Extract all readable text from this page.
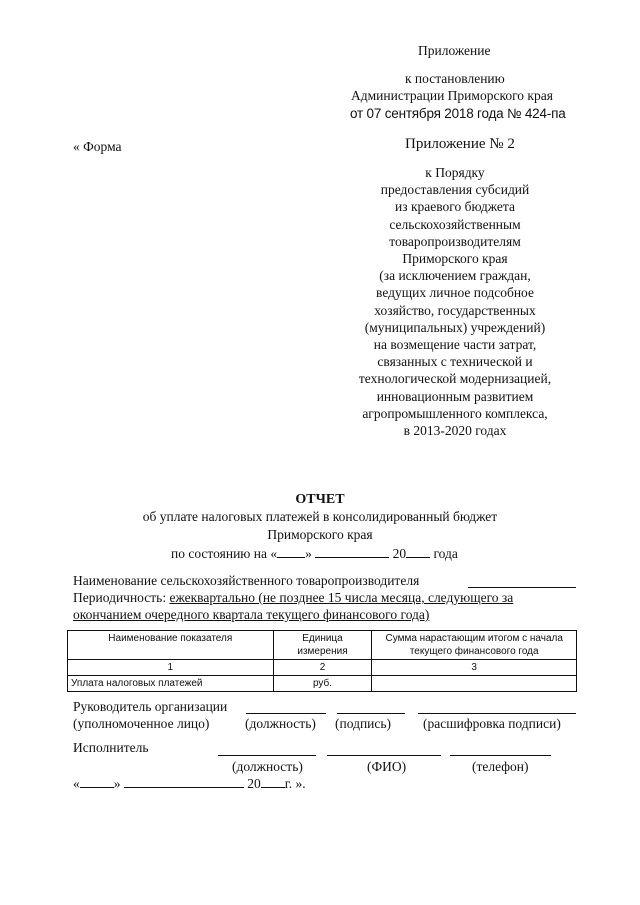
Приложение
к постановлению
Администрации Приморского края
от 07 сентября 2018 года № 424-па
« Форма	Приложение № 2
к Порядку
предоставления субсидий
из краевого бюджета
сельскохозяйственным
товаропроизводителям
Приморского края
(за исключением граждан,
ведущих личное подсобное
хозяйство, государственных
(муниципальных) учреждений)
на возмещение части затрат,
связанных с технической и
технологической модернизацией,
инновационным развитием
агропромышленного комплекса,
в 2013-2020 годах
ОТЧЕТ
об уплате налоговых платежей в консолидированный бюджет
Приморского края
по состоянию на « »	20 года
Наименование сельскохозяйственного товаропроизводителя
Периодичность: ежеквартально (не позднее 15 числа месяца, следующего за
окончанием очередного квартала текущего финансового года)
Наименование показателя	Единица измерения	Сумма нарастающим итогом с начала текущего финансового года
1	2	3
Уплата налоговых платежей	руб.	
Руководитель организации
(уполномоченное лицо)	(должность) (подпись) (расшифровка подписи)
Исполнитель
(должность)	(ФИО)	(телефон)
«	»	20 г. ».
